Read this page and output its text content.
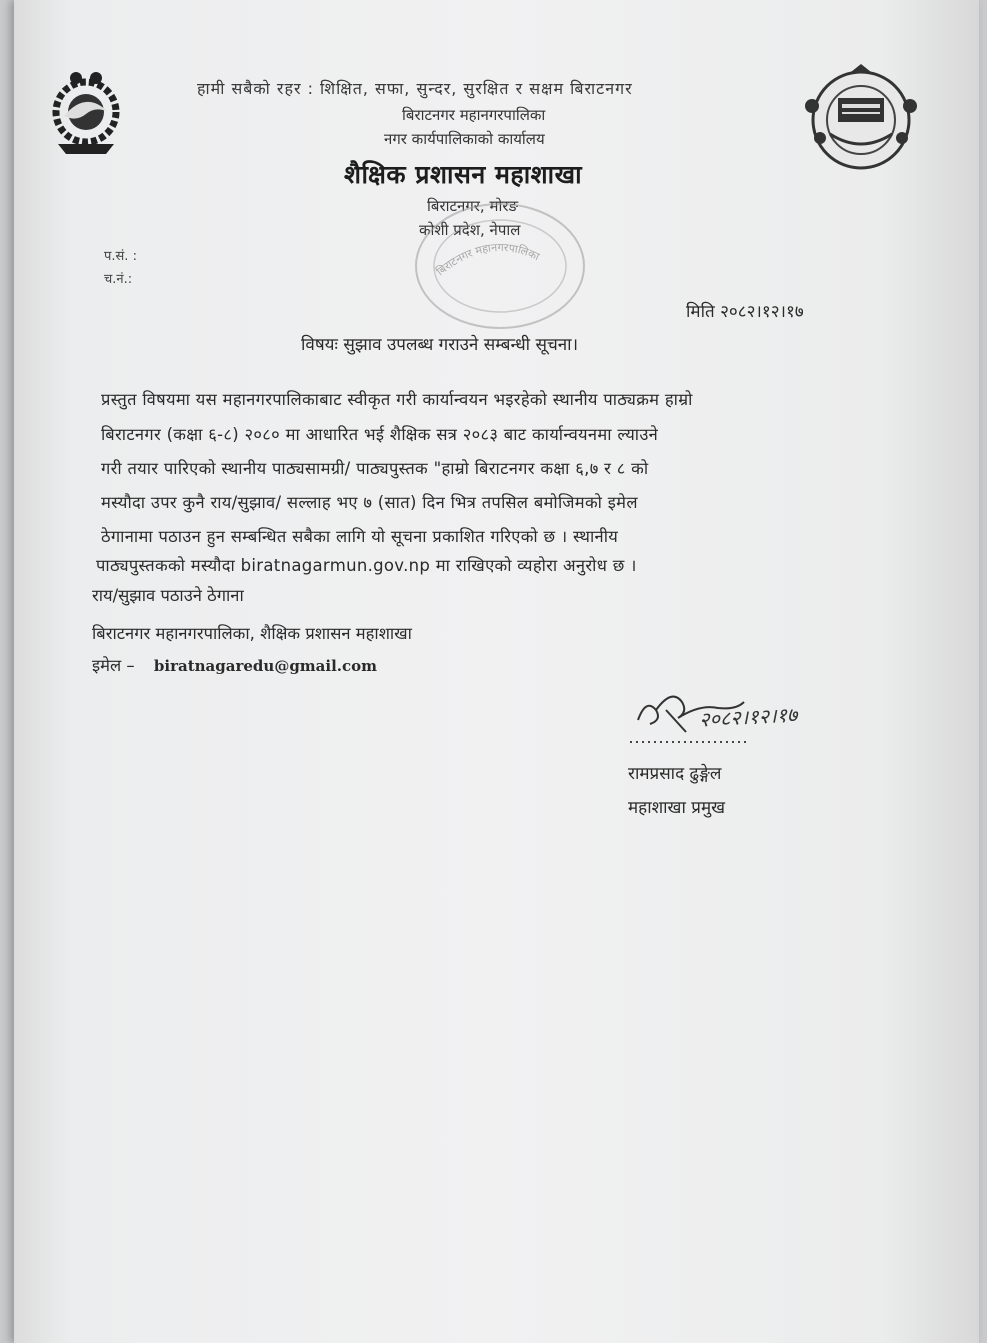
हामी सबैको रहर : शिक्षित, सफा, सुन्दर, सुरक्षित र सक्षम बिराटनगर

बिराटनगर महानगरपालिका

नगर कार्यपालिकाको कार्यालय

शैक्षिक प्रशासन महाशाखा

बिराटनगर, मोरङ

कोशी प्रदेश, नेपाल

बिराटनगर महानगरपालिका

प.सं. :

च.नं.:

मिति २०८२।१२।१७

विषयः सुझाव उपलब्ध गराउने सम्बन्धी सूचना।

प्रस्तुत विषयमा यस महानगरपालिकाबाट स्वीकृत गरी कार्यान्वयन भइरहेको स्थानीय पाठ्यक्रम हाम्रो

बिराटनगर (कक्षा ६-८) २०८० मा आधारित भई शैक्षिक सत्र २०८३ बाट कार्यान्वयनमा ल्याउने

गरी तयार पारिएको स्थानीय पाठ्यसामग्री/ पाठ्यपुस्तक "हाम्रो बिराटनगर कक्षा ६,७ र ८ को

मस्यौदा उपर कुनै राय/सुझाव/ सल्लाह भए ७ (सात) दिन भित्र तपसिल बमोजिमको इमेल

ठेगानामा पठाउन हुन सम्बन्धित सबैका लागि यो सूचना प्रकाशित गरिएको छ । स्थानीय

पाठ्यपुस्तकको मस्यौदा biratnagarmun.gov.np मा राखिएको व्यहोरा अनुरोध छ ।

राय/सुझाव पठाउने ठेगाना

बिराटनगर महानगरपालिका, शैक्षिक प्रशासन महाशाखा

इमेल – biratnagaredu@gmail.com

२०८२।१२।१७

रामप्रसाद ढुङ्गेल

महाशाखा प्रमुख
